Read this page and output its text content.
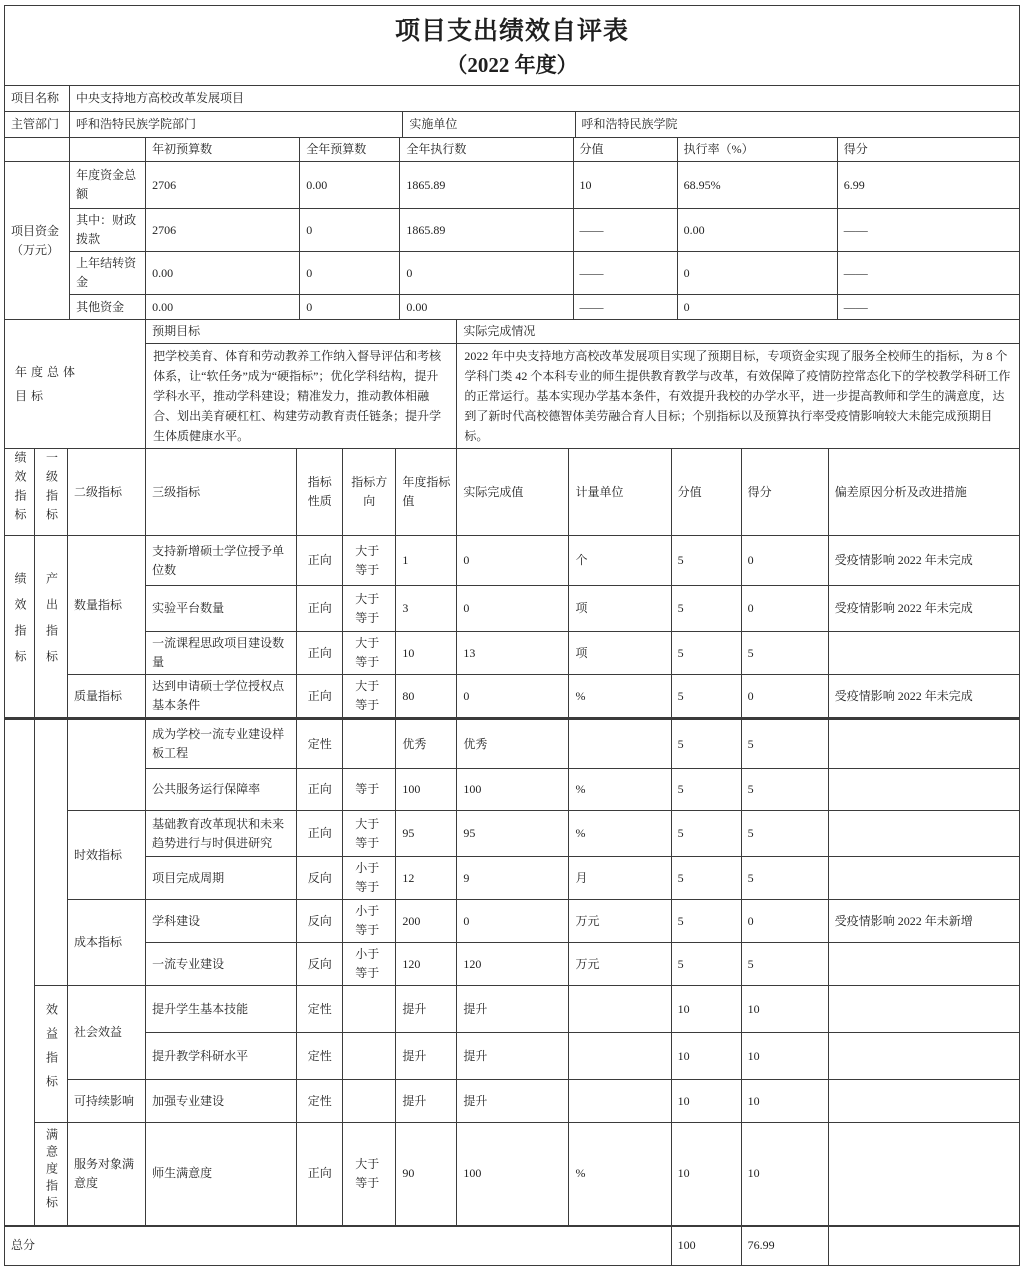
项目支出绩效自评表
（2022 年度）
项目名称	中央支持地方高校改革发展项目		
主管部门	呼和浩特民族学院部门	实施单位	呼和浩特民族学院
		年初预算数	全年预算数	全年执行数	分值	执行率（%）	得分
项目资金（万元）	年度资金总额	2706	0.00	1865.89	10	68.95%	6.99
	其中：财政拨款	2706	0	1865.89	——	0.00	——
	上年结转资金	0.00	0	0	——	0	——
	其他资金	0.00	0	0.00	——	0	——
年度总体目标	预期目标	实际完成情况
	把学校美育、体育和劳动教养工作纳入督导评估和考核体系，让“软任务”成为“硬指标”；优化学科结构，提升学科水平，推动学科建设；精准发力，推动教体相融合、划出美育硬杠杠、构建劳动教育责任链条；提升学生体质健康水平。	2022 年中央支持地方高校改革发展项目实现了预期目标，专项资金实现了服务全校师生的指标，为 8 个学科门类 42 个本科专业的师生提供教育教学与改革，有效保障了疫情防控常态化下的学校教学科研工作的正常运行。基本实现办学基本条件，有效提升我校的办学水平，进一步提高教师和学生的满意度，达到了新时代高校德智体美劳融合育人目标；个别指标以及预算执行率受疫情影响较大未能完成预期目标。
绩效指标	一级指标	二级指标	三级指标	指标性质	指标方向	年度指标值	实际完成值	计量单位	分值	得分	偏差原因分析及改进措施
绩效指标	产出指标	数量指标	支持新增硕士学位授予单位数	正向	大于等于	1	0	个	5	0	受疫情影响 2022 年未完成
			实验平台数量	正向	大于等于	3	0	项	5	0	受疫情影响 2022 年未完成
			一流课程思政项目建设数量	正向	大于等于	10	13	项	5	5	
		质量指标	达到申请硕士学位授权点基本条件	正向	大于等于	80	0	%	5	0	受疫情影响 2022 年未完成
			成为学校一流专业建设样板工程	定性		优秀	优秀		5	5	
			公共服务运行保障率	正向	等于	100	100	%	5	5	
		时效指标	基础教育改革现状和未来趋势进行与时俱进研究	正向	大于等于	95	95	%	5	5	
			项目完成周期	反向	小于等于	12	9	月	5	5	
		成本指标	学科建设	反向	小于等于	200	0	万元	5	0	受疫情影响 2022 年未新增
			一流专业建设	反向	小于等于	120	120	万元	5	5	
	效益指标	社会效益	提升学生基本技能	定性		提升	提升		10	10	
			提升教学科研水平	定性		提升	提升		10	10	
		可持续影响	加强专业建设	定性		提升	提升		10	10	
	满意度指标	服务对象满意度	师生满意度	正向	大于等于	90	100	%	10	10	
总分									100	76.99	
